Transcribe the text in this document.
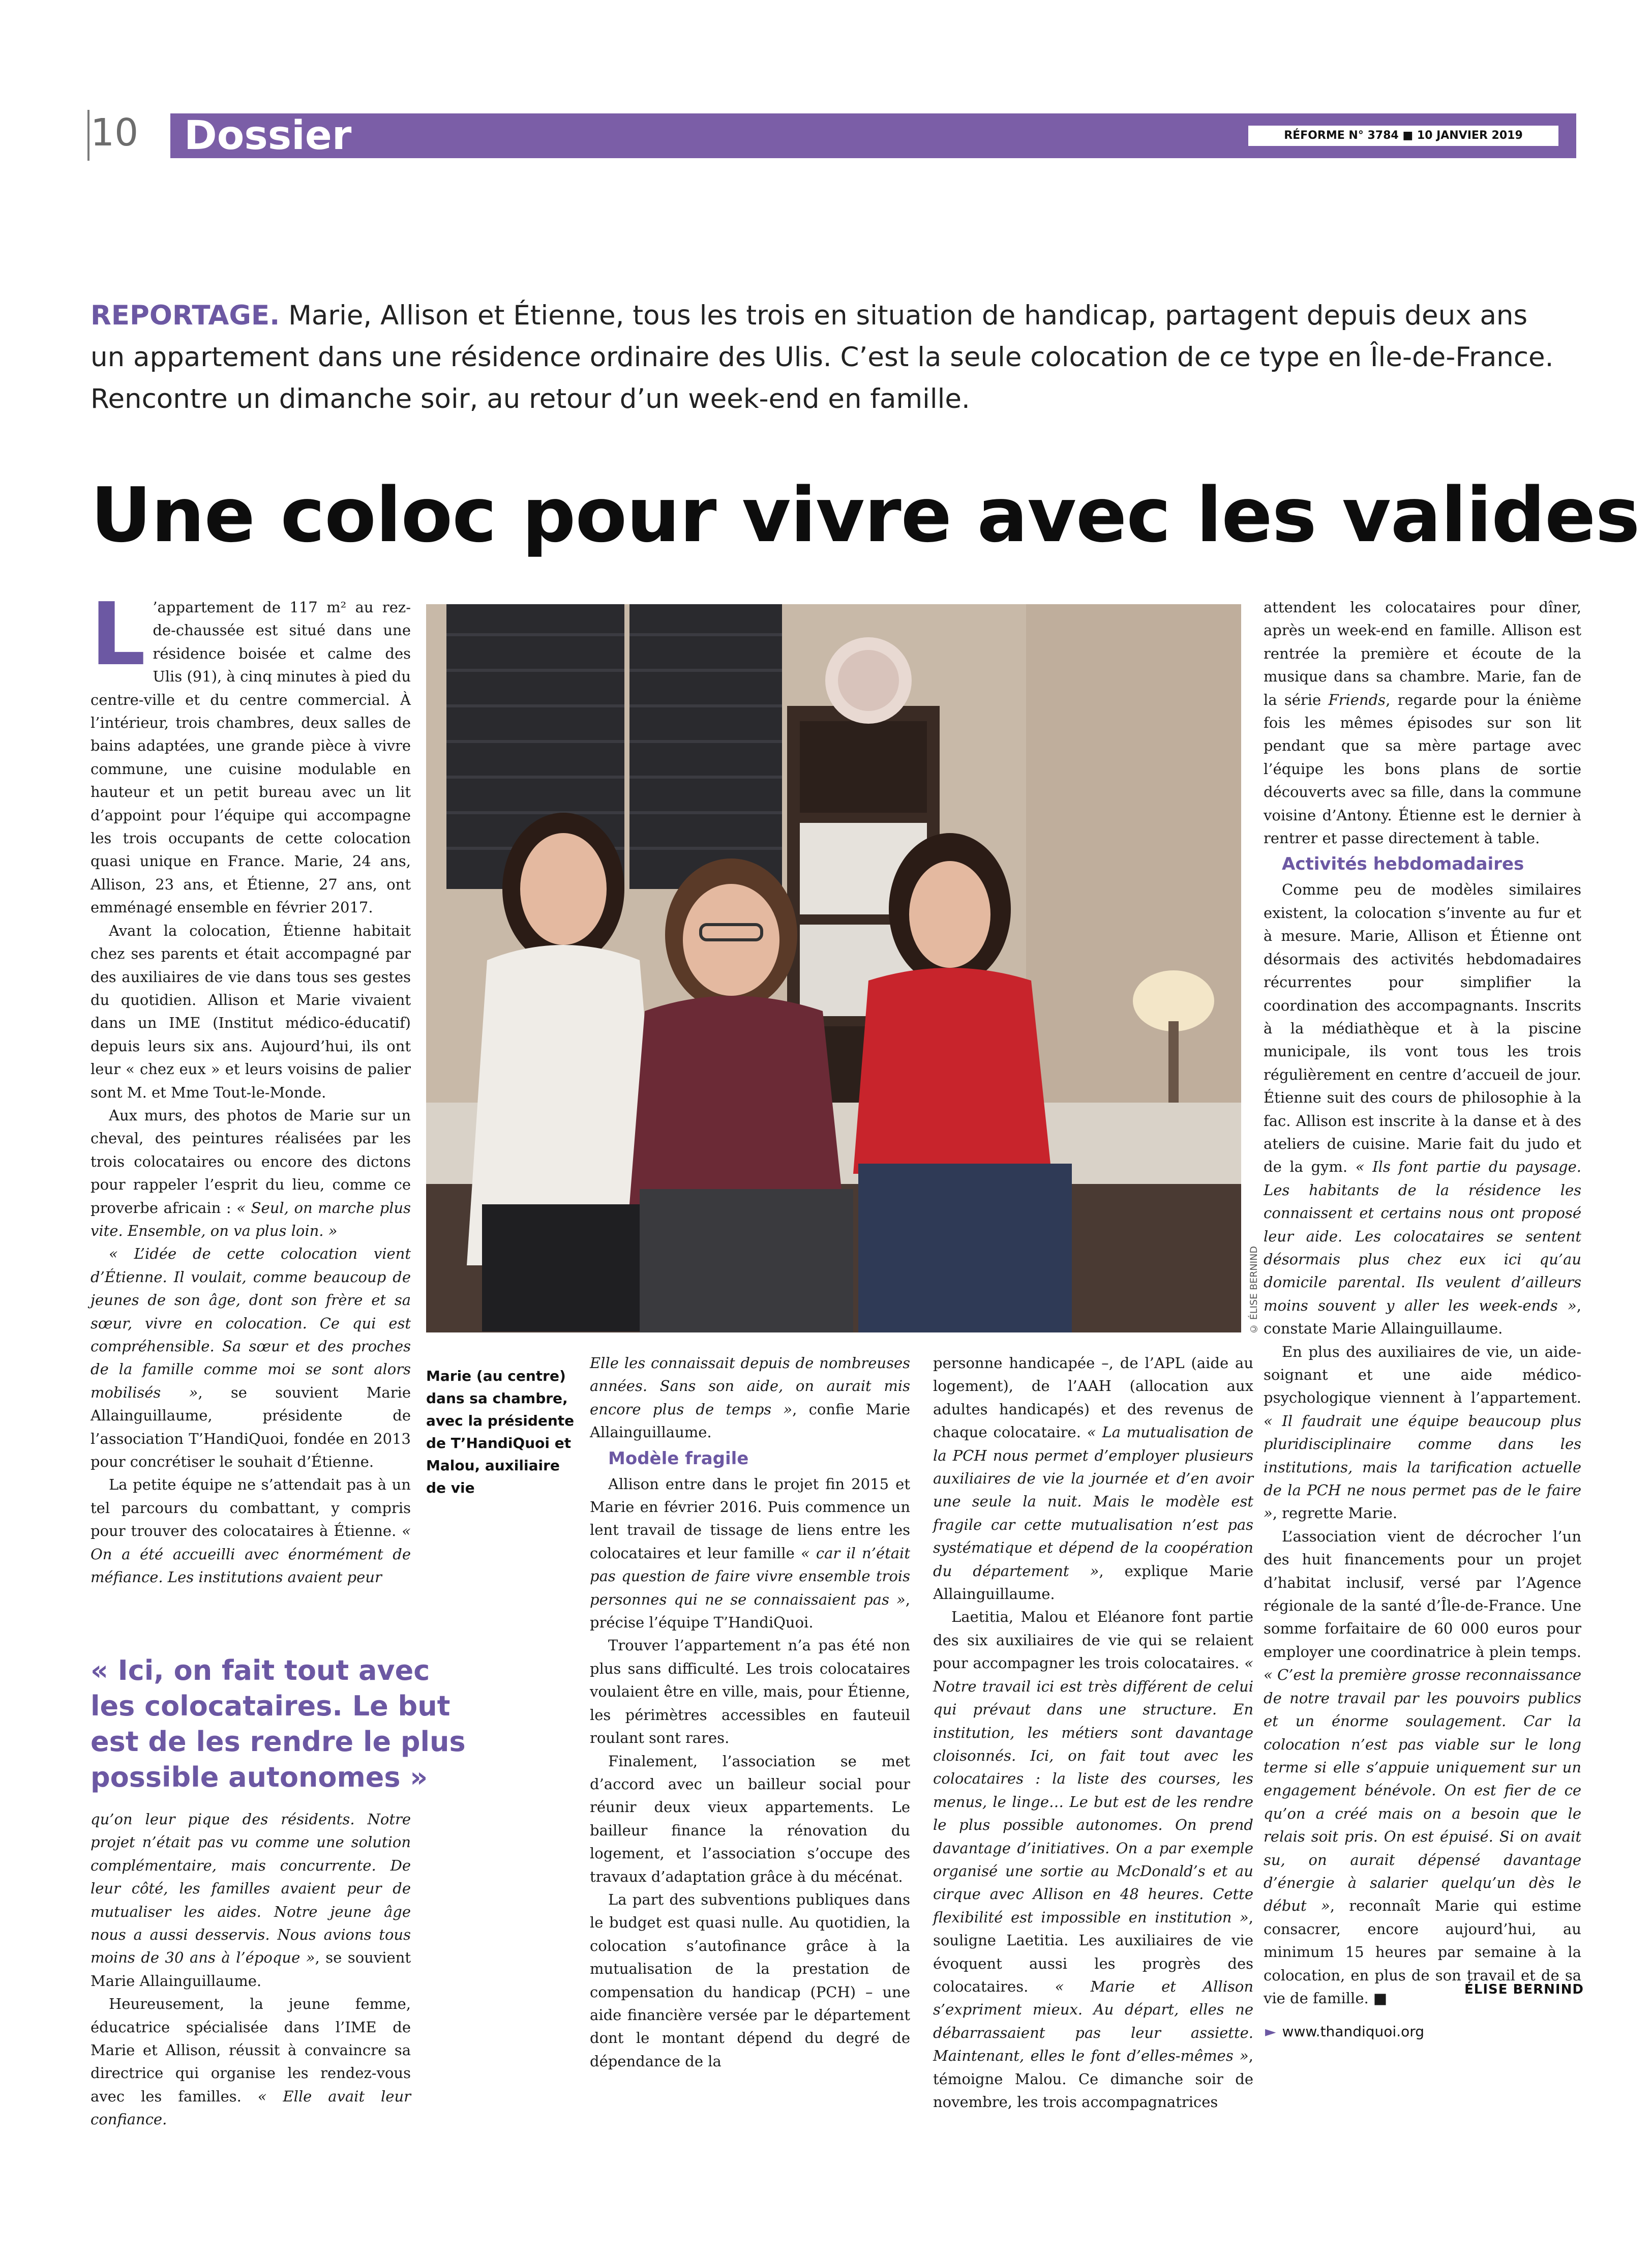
10 Dossier	RÉFORME N° 3784 ■ 10 JANVIER 2019
REPORTAGE. Marie, Allison et Étienne, tous les trois en situation de handicap, partagent depuis deux ans un appartement dans une résidence ordinaire des Ulis. C’est la seule colocation de ce type en Île-de-France. Rencontre un dimanche soir, au retour d’un week-end en famille.
Une coloc pour vivre avec les valides

L ’appartement de 117 m² au rez-de-chaussée est situé dans une résidence boisée et calme des Ulis (91), à cinq minutes à pied du centre-ville et du centre commercial. À l’intérieur, trois chambres, deux salles de bains adaptées, une grande pièce à vivre commune, une cuisine modulable en hauteur et un petit bureau avec un lit d’appoint pour l’équipe qui accompagne les trois occupants de cette colocation quasi unique en France. Marie, 24 ans, Allison, 23 ans, et Étienne, 27 ans, ont emménagé ensemble en février 2017.

Avant la colocation, Étienne habitait chez ses parents et était accompagné par des auxiliaires de vie dans tous ses gestes du quotidien. Allison et Marie vivaient dans un IME (Institut médico-éducatif) depuis leurs six ans. Aujourd’hui, ils ont leur « chez eux » et leurs voisins de palier sont M. et Mme Tout-le-Monde.

Aux murs, des photos de Marie sur un cheval, des peintures réalisées par les trois colocataires ou encore des dictons pour rappeler l’esprit du lieu, comme ce proverbe africain : « Seul, on marche plus vite. Ensemble, on va plus loin. »

« L’idée de cette colocation vient d’Étienne. Il voulait, comme beaucoup de jeunes de son âge, dont son frère et sa sœur, vivre en colocation. Ce qui est compréhensible. Sa sœur et des proches de la famille comme moi se sont alors mobilisés », se souvient Marie Allainguillaume, présidente de l’association T’HandiQuoi, fondée en 2013 pour concrétiser le souhait d’Étienne.

La petite équipe ne s’attendait pas à un tel parcours du combattant, y compris pour trouver des colocataires à Étienne. « On a été accueilli avec énormément de méfiance. Les institutions avaient peur

« Ici, on fait tout avec les colocataires. Le but est de les rendre le plus possible autonomes »

qu’on leur pique des résidents. Notre projet n’était pas vu comme une solution complémentaire, mais concurrente. De leur côté, les familles avaient peur de mutualiser les aides. Notre jeune âge nous a aussi desservis. Nous avions tous moins de 30 ans à l’époque », se souvient Marie Allainguillaume.

Heureusement, la jeune femme, éducatrice spécialisée dans l’IME de Marie et Allison, réussit à convaincre sa directrice qui organise les rendez-vous avec les familles. « Elle avait leur confiance.

© ÉLISE BERNIND
Marie (au centre) dans sa chambre, avec la présidente de T’HandiQuoi et Malou, auxiliaire de vie

Elle les connaissait depuis de nombreuses années. Sans son aide, on aurait mis encore plus de temps », confie Marie Allainguillaume.

Modèle fragile

Allison entre dans le projet fin 2015 et Marie en février 2016. Puis commence un lent travail de tissage de liens entre les colocataires et leur famille « car il n’était pas question de faire vivre ensemble trois personnes qui ne se connaissaient pas », précise l’équipe T’HandiQuoi.

Trouver l’appartement n’a pas été non plus sans difficulté. Les trois colocataires voulaient être en ville, mais, pour Étienne, les périmètres accessibles en fauteuil roulant sont rares.

Finalement, l’association se met d’accord avec un bailleur social pour réunir deux vieux appartements. Le bailleur finance la rénovation du logement, et l’association s’occupe des travaux d’adaptation grâce à du mécénat.

La part des subventions publiques dans le budget est quasi nulle. Au quotidien, la colocation s’autofinance grâce à la mutualisation de la prestation de compensation du handicap (PCH) – une aide financière versée par le département dont le montant dépend du degré de dépendance de la

personne handicapée –, de l’APL (aide au logement), de l’AAH (allocation aux adultes handicapés) et des revenus de chaque colocataire. « La mutualisation de la PCH nous permet d’employer plusieurs auxiliaires de vie la journée et d’en avoir une seule la nuit. Mais le modèle est fragile car cette mutualisation n’est pas systématique et dépend de la coopération du département », explique Marie Allainguillaume.

Laetitia, Malou et Eléanore font partie des six auxiliaires de vie qui se relaient pour accompagner les trois colocataires. « Notre travail ici est très différent de celui qui prévaut dans une structure. En institution, les métiers sont davantage cloisonnés. Ici, on fait tout avec les colocataires : la liste des courses, les menus, le linge… Le but est de les rendre le plus possible autonomes. On prend davantage d’initiatives. On a par exemple organisé une sortie au McDonald’s et au cirque avec Allison en 48 heures. Cette flexibilité est impossible en institution », souligne Laetitia. Les auxiliaires de vie évoquent aussi les progrès des colocataires. « Marie et Allison s’expriment mieux. Au départ, elles ne débarrassaient pas leur assiette. Maintenant, elles le font d’elles-mêmes », témoigne Malou. Ce dimanche soir de novembre, les trois accompagnatrices

attendent les colocataires pour dîner, après un week-end en famille. Allison est rentrée la première et écoute de la musique dans sa chambre. Marie, fan de la série Friends, regarde pour la énième fois les mêmes épisodes sur son lit pendant que sa mère partage avec l’équipe les bons plans de sortie découverts avec sa fille, dans la commune voisine d’Antony. Étienne est le dernier à rentrer et passe directement à table.

Activités hebdomadaires

Comme peu de modèles similaires existent, la colocation s’invente au fur et à mesure. Marie, Allison et Étienne ont désormais des activités hebdomadaires récurrentes pour simplifier la coordination des accompagnants. Inscrits à la médiathèque et à la piscine municipale, ils vont tous les trois régulièrement en centre d’accueil de jour. Étienne suit des cours de philosophie à la fac. Allison est inscrite à la danse et à des ateliers de cuisine. Marie fait du judo et de la gym. « Ils font partie du paysage. Les habitants de la résidence les connaissent et certains nous ont proposé leur aide. Les colocataires se sentent désormais plus chez eux ici qu’au domicile parental. Ils veulent d’ailleurs moins souvent y aller les week-ends », constate Marie Allainguillaume.

En plus des auxiliaires de vie, un aide-soignant et une aide médico-psychologique viennent à l’appartement. « Il faudrait une équipe beaucoup plus pluridisciplinaire comme dans les institutions, mais la tarification actuelle de la PCH ne nous permet pas de le faire », regrette Marie.

L’association vient de décrocher l’un des huit financements pour un projet d’habitat inclusif, versé par l’Agence régionale de la santé d’Île-de-France. Une somme forfaitaire de 60 000 euros pour employer une coordinatrice à plein temps. « C’est la première grosse reconnaissance de notre travail par les pouvoirs publics et un énorme soulagement. Car la colocation n’est pas viable sur le long terme si elle s’appuie uniquement sur un engagement bénévole. On est fier de ce qu’on a créé mais on a besoin que le relais soit pris. On est épuisé. Si on avait su, on aurait dépensé davantage d’énergie à salarier quelqu’un dès le début », reconnaît Marie qui estime consacrer, encore aujourd’hui, au minimum 15 heures par semaine à la colocation, en plus de son travail et de sa vie de famille. ■	ÉLISE BERNIND
► www.thandiquoi.org
